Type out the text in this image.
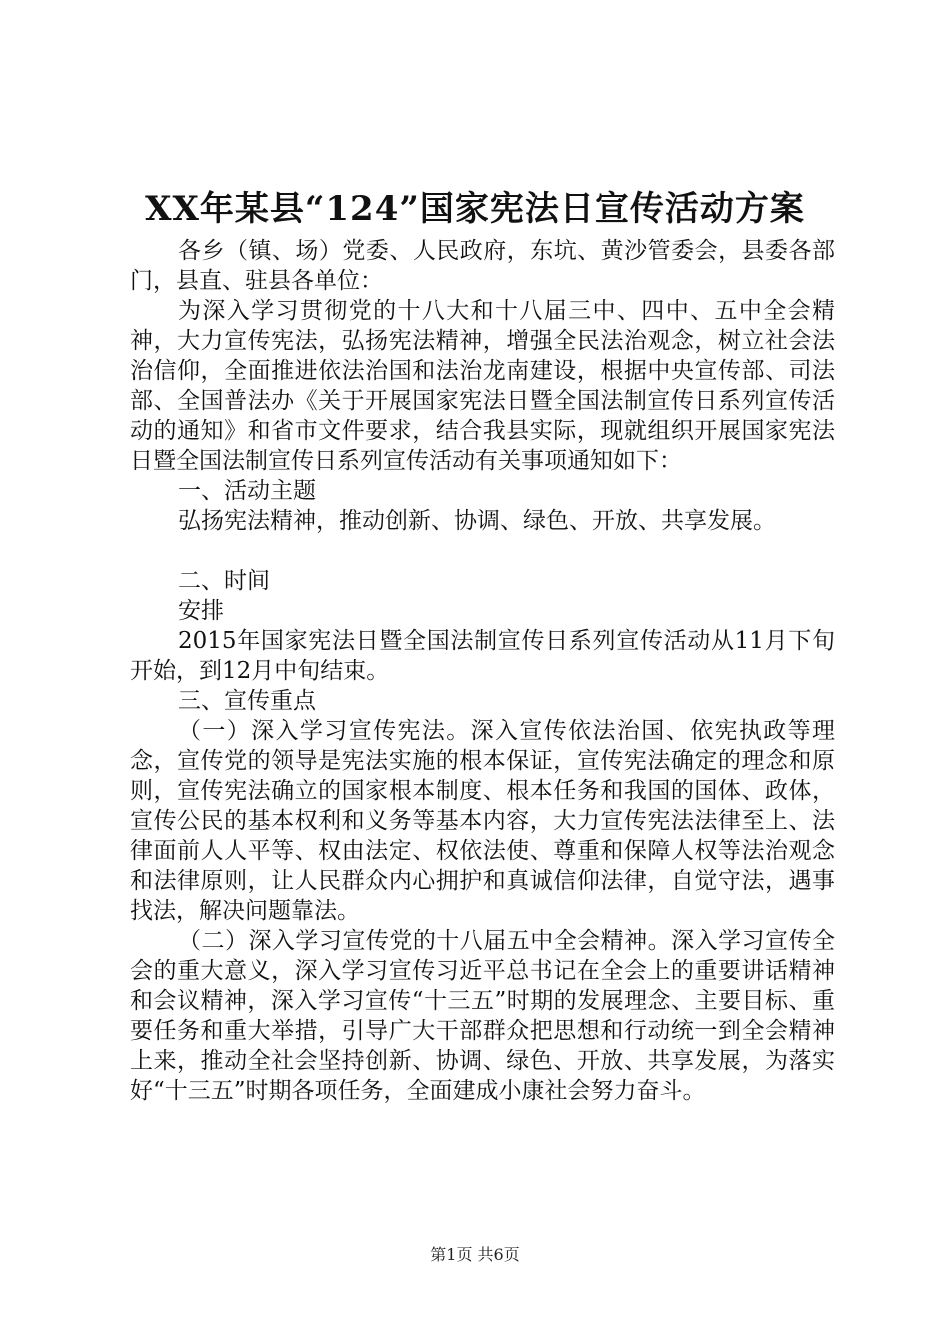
XX年某县“124”国家宪法日宣传活动方案

各乡（镇、场）党委、人民政府，东坑、黄沙管委会，县委各部门，县直、驻县各单位：

为深入学习贯彻党的十八大和十八届三中、四中、五中全会精神，大力宣传宪法，弘扬宪法精神，增强全民法治观念，树立社会法治信仰，全面推进依法治国和法治龙南建设，根据中央宣传部、司法部、全国普法办《关于开展国家宪法日暨全国法制宣传日系列宣传活动的通知》和省市文件要求，结合我县实际，现就组织开展国家宪法日暨全国法制宣传日系列宣传活动有关事项通知如下：

一、活动主题

弘扬宪法精神，推动创新、协调、绿色、开放、共享发展。

二、时间

安排

2015年国家宪法日暨全国法制宣传日系列宣传活动从11月下旬开始，到12月中旬结束。

三、宣传重点

（一）深入学习宣传宪法。深入宣传依法治国、依宪执政等理念，宣传党的领导是宪法实施的根本保证，宣传宪法确定的理念和原则，宣传宪法确立的国家根本制度、根本任务和我国的国体、政体，宣传公民的基本权利和义务等基本内容，大力宣传宪法法律至上、法律面前人人平等、权由法定、权依法使、尊重和保障人权等法治观念和法律原则，让人民群众内心拥护和真诚信仰法律，自觉守法，遇事找法，解决问题靠法。

（二）深入学习宣传党的十八届五中全会精神。深入学习宣传全会的重大意义，深入学习宣传习近平总书记在全会上的重要讲话精神和会议精神，深入学习宣传“十三五”时期的发展理念、主要目标、重要任务和重大举措，引导广大干部群众把思想和行动统一到全会精神上来，推动全社会坚持创新、协调、绿色、开放、共享发展，为落实好“十三五”时期各项任务，全面建成小康社会努力奋斗。

第1页 共6页
